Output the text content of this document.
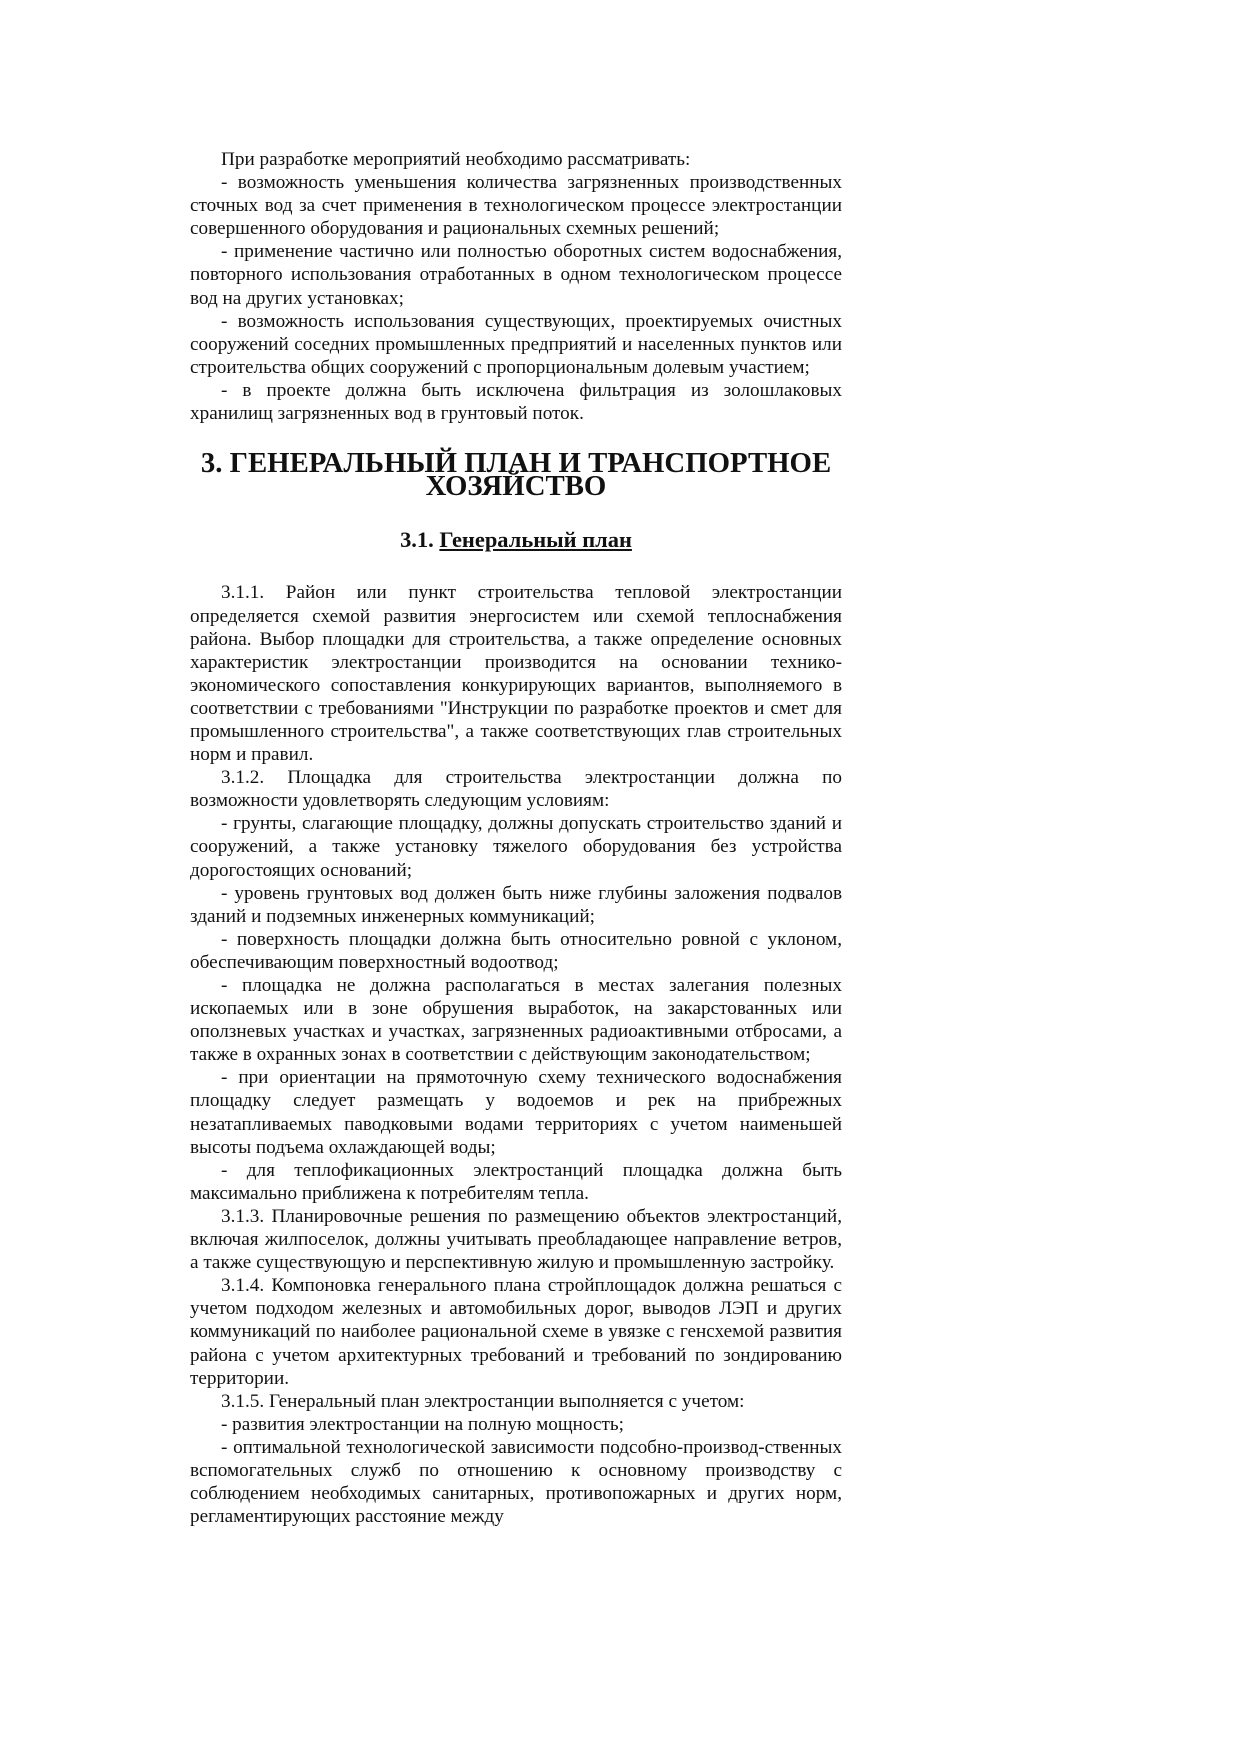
При разработке мероприятий необходимо рассматривать:

- возможность уменьшения количества загрязненных производственных сточных вод за счет применения в технологическом процессе электростанции совершенного оборудования и рациональных схемных решений;

- применение частично или полностью оборотных систем водоснабжения, повторного использования отработанных в одном технологическом процессе вод на других установках;

- возможность использования существующих, проектируемых очистных сооружений соседних промышленных предприятий и населенных пунктов или строительства общих сооружений с пропорциональным долевым участием;

- в проекте должна быть исключена фильтрация из золошлаковых хранилищ загрязненных вод в грунтовый поток.

3. ГЕНЕРАЛЬНЫЙ ПЛАН И ТРАНСПОРТНОЕ ХОЗЯЙСТВО
3.1. Генеральный план

3.1.1. Район или пункт строительства тепловой электростанции определяется схемой развития энергосистем или схемой теплоснабжения района. Выбор площадки для строительства, а также определение основных характеристик электростанции производится на основании технико-экономического сопоставления конкурирующих вариантов, выполняемого в соответствии с требованиями "Инструкции по разработке проектов и смет для промышленного строительства", а также соответствующих глав строительных норм и правил.

3.1.2. Площадка для строительства электростанции должна по возможности удовлетворять следующим условиям:

- грунты, слагающие площадку, должны допускать строительство зданий и сооружений, а также установку тяжелого оборудования без устройства дорогостоящих оснований;

- уровень грунтовых вод должен быть ниже глубины заложения подвалов зданий и подземных инженерных коммуникаций;

- поверхность площадки должна быть относительно ровной с уклоном, обеспечивающим поверхностный водоотвод;

- площадка не должна располагаться в местах залегания полезных ископаемых или в зоне обрушения выработок, на закарстованных или оползневых участках и участках, загрязненных радиоактивными отбросами, а также в охранных зонах в соответствии с действующим законодательством;

- при ориентации на прямоточную схему технического водоснабжения площадку следует размещать у водоемов и рек на прибрежных незатапливаемых паводковыми водами территориях с учетом наименьшей высоты подъема охлаждающей воды;

- для теплофикационных электростанций площадка должна быть максимально приближена к потребителям тепла.

3.1.3. Планировочные решения по размещению объектов электростанций, включая жилпоселок, должны учитывать преобладающее направление ветров, а также существующую и перспективную жилую и промышленную застройку.

3.1.4. Компоновка генерального плана стройплощадок должна решаться с учетом подходом железных и автомобильных дорог, выводов ЛЭП и других коммуникаций по наиболее рациональной схеме в увязке с генсхемой развития района с учетом архитектурных требований и требований по зондированию территории.

3.1.5. Генеральный план электростанции выполняется с учетом:

- развития электростанции на полную мощность;

- оптимальной технологической зависимости подсобно-производ-ственных вспомогательных служб по отношению к основному производству с соблюдением необходимых санитарных, противопожарных и других норм, регламентирующих расстояние между
